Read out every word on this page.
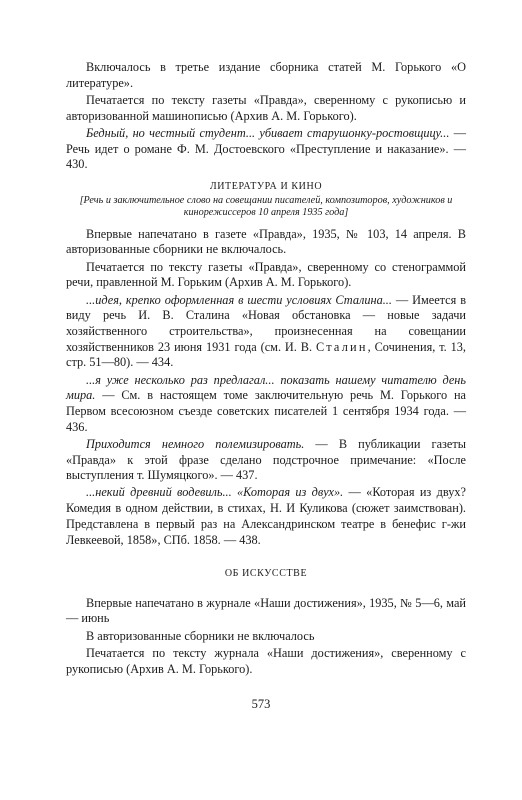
Включалось в третье издание сборника статей М. Горького «О литературе».

Печатается по тексту газеты «Правда», сверенному с рукописью и авторизованной машинописью (Архив А. М. Горького).

Бедный, но честный студент... убивает старушонку-ростовщицу... — Речь идет о романе Ф. М. Достоевского «Преступление и наказание». — 430.

ЛИТЕРАТУРА И КИНО

[Речь и заключительное слово на совещании писателей, композиторов, художников и кинорежиссеров 10 апреля 1935 года]

Впервые напечатано в газете «Правда», 1935, № 103, 14 апреля. В авторизованные сборники не включалось.

Печатается по тексту газеты «Правда», сверенному со стенограммой речи, правленной М. Горьким (Архив А. М. Горького).

...идея, крепко оформленная в шести условиях Сталина... — Имеется в виду речь И. В. Сталина «Новая обстановка — новые задачи хозяйственного строительства», произнесенная на совещании хозяйственников 23 июня 1931 года (см. И. В. Сталин, Сочинения, т. 13, стр. 51—80). — 434.

...я уже несколько раз предлагал... показать нашему читателю день мира. — См. в настоящем томе заключительную речь М. Горького на Первом всесоюзном съезде советских писателей 1 сентября 1934 года. — 436.

Приходится немного полемизировать. — В публикации газеты «Правда» к этой фразе сделано подстрочное примечание: «После выступления т. Шумяцкого». — 437.

...некий древний водевиль... «Которая из двух». — «Которая из двух? Комедия в одном действии, в стихах, Н. И Куликова (сюжет заимствован). Представлена в первый раз на Александринском театре в бенефис г-жи Левкеевой, 1858», СПб. 1858. — 438.

ОБ ИСКУССТВЕ

Впервые напечатано в журнале «Наши достижения», 1935, № 5—6, май — июнь

В авторизованные сборники не включалось

Печатается по тексту журнала «Наши достижения», сверенному с рукописью (Архив А. М. Горького).

573
